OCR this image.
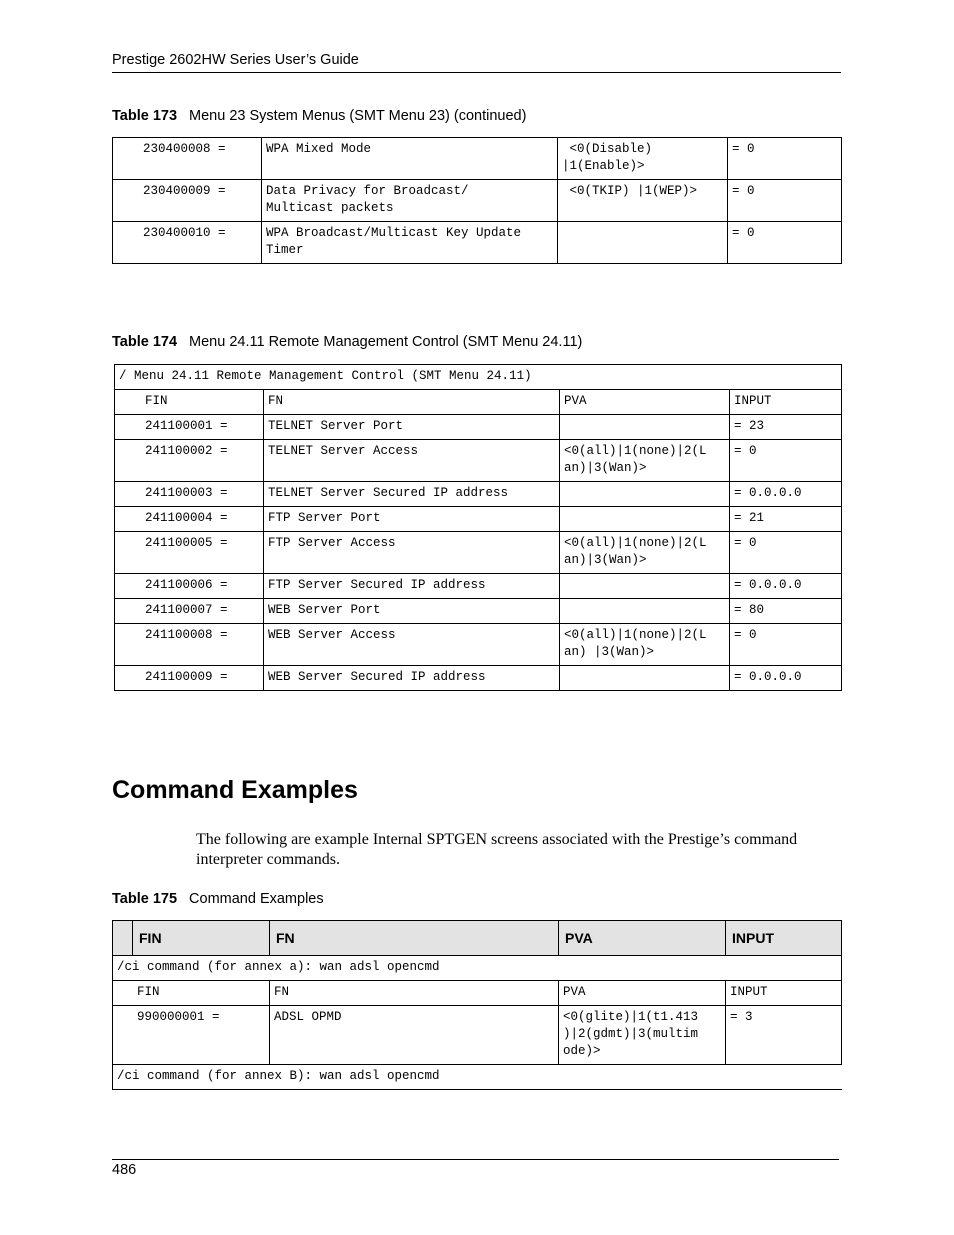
Prestige 2602HW Series User’s Guide
Table 173 Menu 23 System Menus (SMT Menu 23) (continued)
230400008 =	WPA Mixed Mode	<0(Disable)
|1(Enable)>	= 0
230400009 =	Data Privacy for Broadcast/
Multicast packets	<0(TKIP) |1(WEP)>	= 0
230400010 =	WPA Broadcast/Multicast Key Update
Timer		= 0
Table 174 Menu 24.11 Remote Management Control (SMT Menu 24.11)
/ Menu 24.11 Remote Management Control (SMT Menu 24.11)			
FIN	FN	PVA	INPUT
241100001 =	TELNET Server Port		= 23
241100002 =	TELNET Server Access	<0(all)|1(none)|2(L
an)|3(Wan)>	= 0
241100003 =	TELNET Server Secured IP address		= 0.0.0.0
241100004 =	FTP Server Port		= 21
241100005 =	FTP Server Access	<0(all)|1(none)|2(L
an)|3(Wan)>	= 0
241100006 =	FTP Server Secured IP address		= 0.0.0.0
241100007 =	WEB Server Port		= 80
241100008 =	WEB Server Access	<0(all)|1(none)|2(L
an) |3(Wan)>	= 0
241100009 =	WEB Server Secured IP address		= 0.0.0.0
Command Examples
The following are example Internal SPTGEN screens associated with the Prestige’s command interpreter commands.
Table 175 Command Examples
	FIN	FN	PVA	INPUT
/ci command (for annex a): wan adsl opencmd				
FIN		FN	PVA	INPUT
990000001 =		ADSL OPMD	<0(glite)|1(t1.413
)|2(gdmt)|3(multim
ode)>	= 3
/ci command (for annex B): wan adsl opencmd				
486
